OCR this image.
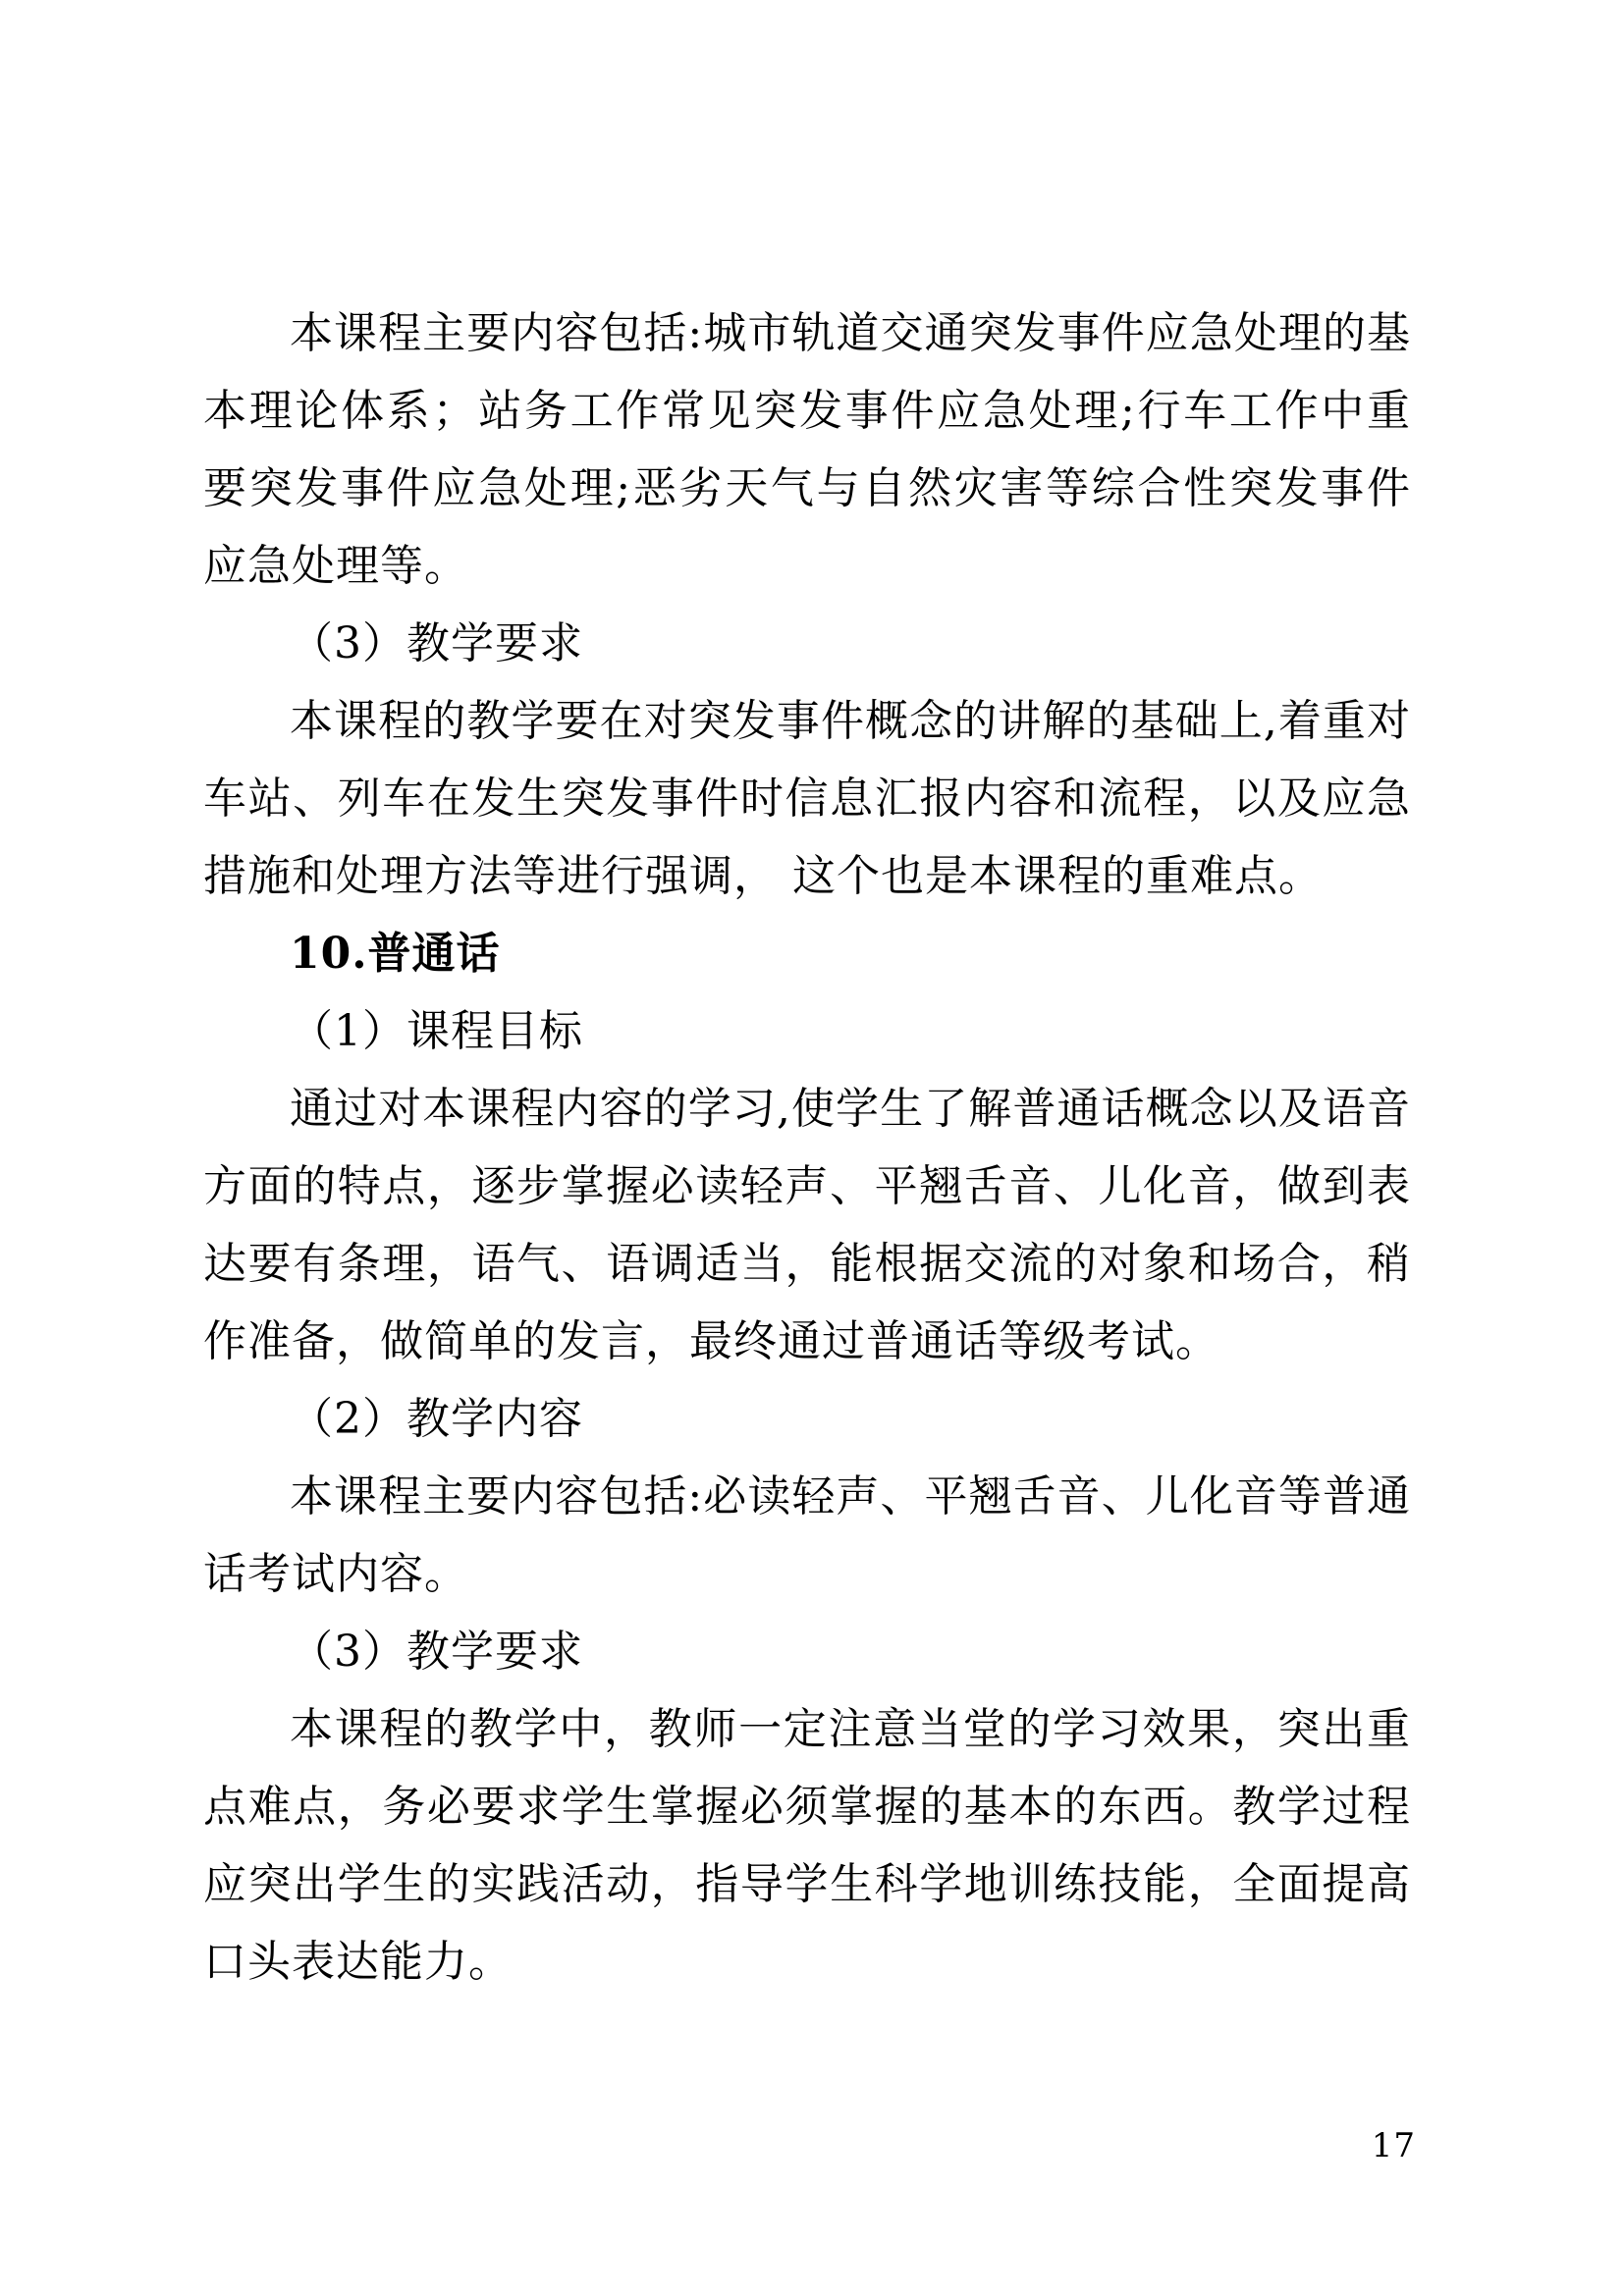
本课程主要内容包括:城市轨道交通突发事件应急处理的基本理论体系；站务工作常见突发事件应急处理;行车工作中重要突发事件应急处理;恶劣天气与自然灾害等综合性突发事件应急处理等。

（3）教学要求

本课程的教学要在对突发事件概念的讲解的基础上,着重对车站、列车在发生突发事件时信息汇报内容和流程，以及应急措施和处理方法等进行强调， 这个也是本课程的重难点。

10.普通话

（1）课程目标

通过对本课程内容的学习,使学生了解普通话概念以及语音方面的特点，逐步掌握必读轻声、平翘舌音、儿化音，做到表达要有条理，语气、语调适当，能根据交流的对象和场合，稍作准备，做简单的发言，最终通过普通话等级考试。

（2）教学内容

本课程主要内容包括:必读轻声、平翘舌音、儿化音等普通话考试内容。

（3）教学要求

本课程的教学中，教师一定注意当堂的学习效果，突出重点难点，务必要求学生掌握必须掌握的基本的东西。教学过程应突出学生的实践活动，指导学生科学地训练技能，全面提高口头表达能力。

17
